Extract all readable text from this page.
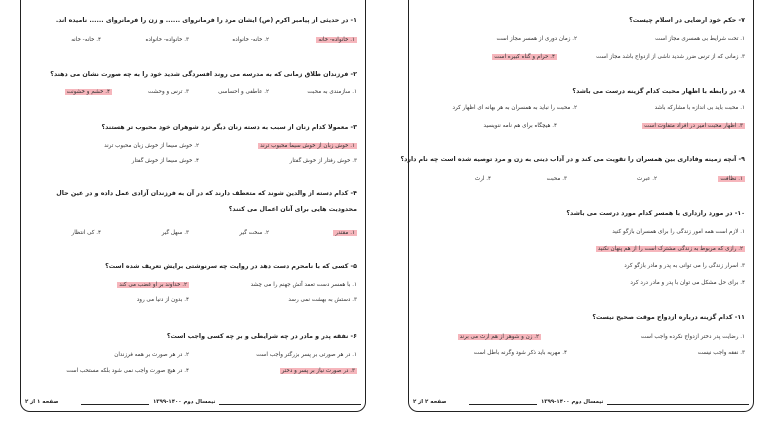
۱- در حدیثی از پیامبر اکرم (ص) ایشان مرد را فرمانروای ...... و زن را فرمانروای ...... نامیده اند.
۱. خانواده- خانه
۲. خانه- خانواده
۳. خانواده- خانواده
۴. خانه- خانه
۲- فرزندان طلاق زمانی که به مدرسه می روند افسردگی شدید خود را به چه صورت نشان می دهند؟
۱. سازمندی به محبت
۲. عاطفی و احساسی
۳. ترس و وحشت
۴. خشم و خشونت
۳- معمولا کدام زنان از سبب به دسته زنان دیگر نزد شوهران خود محبوب تر هستند؟
۱. خوش زبان از خوش سیما محبوب ترند
۲. خوش سیما از خوش زبان محبوب ترند
۳. خوش رفتار از خوش گفتار
۴. خوش سیما از خوش گفتار
۴- کدام دسته از والدین شوند که متعطف دارند که در آن به فرزندان آزادی عمل داده و در عین حال محدودیت هایی برای آنان اعمال می کنند؟
۱. مقتدر
۲. سخت گیر
۳. سهل گیر
۴. کی انتظار
۵- کسی که با نامحرم دست دهد در روایت چه سرنوشتی برایش تعریف شده است؟
۱. با همسر دست تعمد آتش جهنم را می چشد
۲. خداوند بر او غضب می کند
۳. دستش به بهشت نمی رسد
۴. بدون از دنیا می رود
۶- نفقه پدر و مادر در چه شرایطی و بر چه کسی واجب است؟
۱. در هر صورتی بر پسر بزرگتر واجب است
۲. در هر صورت بر همه فرزندان
۳. در صورت نیاز بر پسر و دختر
۴. در هیچ صورت واجب نمی شود بلکه مستحب است
نیمسال دوم ۱۴۰۰-۱۳۹۹
صفحه ۱ از ۲
۷- حکم خود ارضایی در اسلام چیست؟
۱. تحت شرایط بی همسری مجاز است
۲. زمان دوری از همسر مجاز است
۳. زمانی که از ترس ضرر شدید ناشی از ازدواج باشد مجاز است
۴. حرام و گناه کبیره است
۸- در رابطه با اظهار محبت کدام گزینه درست می باشد؟
۱. محبت باید بی اندازه با مشارکه باشد
۲. محبت را نباید به همسران به هر بهانه ای اظهار کرد
۳. اظهار محبت امیر در افراد متفاوت است
۴. هیچگاه برای هم نامه ننویسید
۹- آنچه زمینه وفاداری بین همسران را تقویت می کند و در آداب دینی به زن و مرد توصیه شده است چه نام دارد؟
۱. نظافت
۲. عبرت
۳. محبت
۴. ارث
۱۰- در مورد رازداری با همسر کدام مورد درست می باشد؟
۱. لازم است همه امور زندگی را برای همسران بازگو کنید
۲. رازی که مربوط به زندگی مشترک است را از هم پنهان نکنید
۳. اسرار زندگی را می توانی به پدر و مادر بازگو کرد
۴. برای حل مشکل می توان با پدر و مادر درد کرد
۱۱- کدام گزینه درباره ازدواج موقت صحیح نیست؟
۱. رضایت پدر دختر ازدواج نکرده واجب است
۲. زن و شوهر از هم ارث می برند
۳. نفقه واجب نیست
۴. مهریه باید ذکر شود وگرنه باطل است
نیمسال دوم ۱۴۰۰-۱۳۹۹
صفحه ۲ از ۲
